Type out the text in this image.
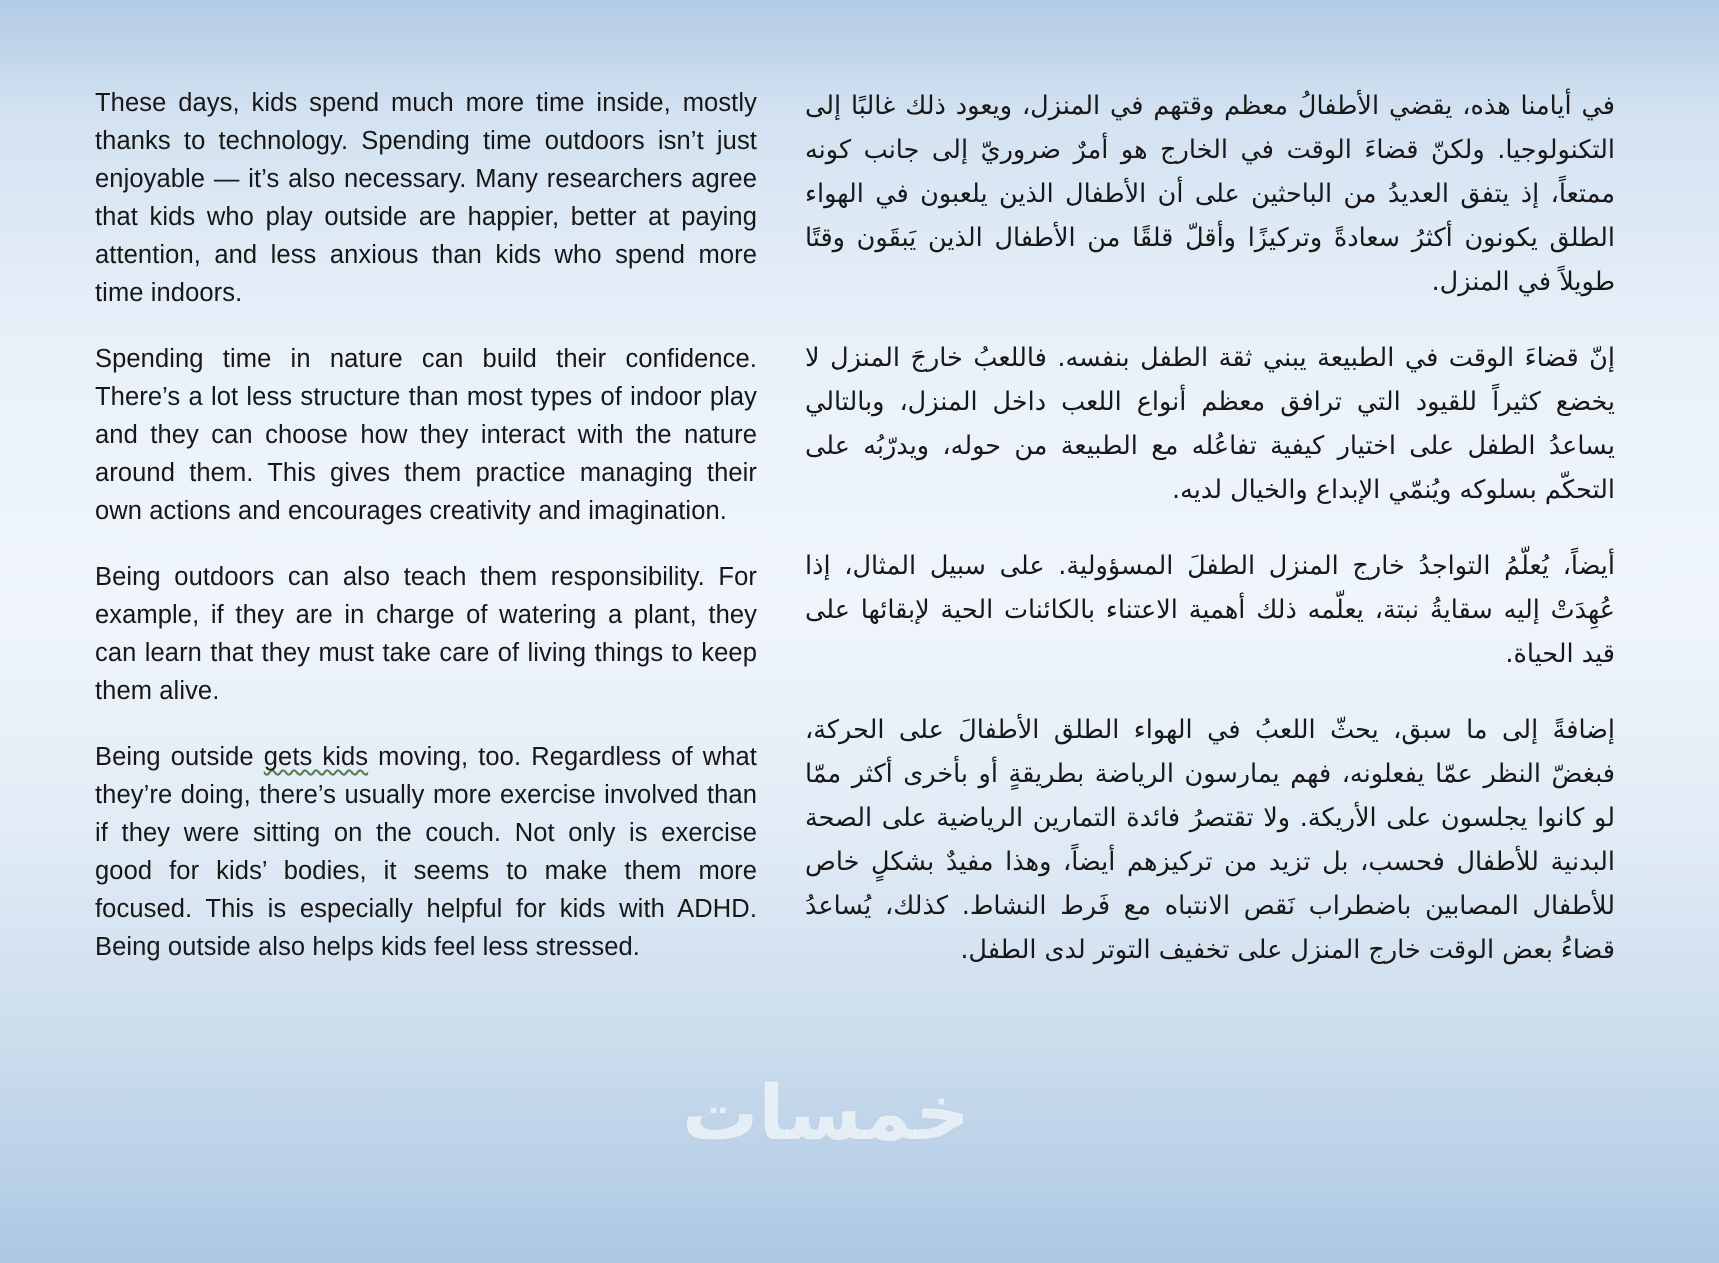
These days, kids spend much more time inside, mostly thanks to technology. Spending time outdoors isn’t just enjoyable — it’s also necessary. Many researchers agree that kids who play outside are happier, better at paying attention, and less anxious than kids who spend more time indoors.

Spending time in nature can build their confidence. There’s a lot less structure than most types of indoor play and they can choose how they interact with the nature around them. This gives them practice managing their own actions and encourages creativity and imagination.

Being outdoors can also teach them responsibility. For example, if they are in charge of watering a plant, they can learn that they must take care of living things to keep them alive.

Being outside gets kids moving, too. Regardless of what they’re doing, there’s usually more exercise involved than if they were sitting on the couch. Not only is exercise good for kids’ bodies, it seems to make them more focused. This is especially helpful for kids with ADHD. Being outside also helps kids feel less stressed.

في أيامنا هذه، يقضي الأطفالُ معظم وقتهم في المنزل، ويعود ذلك غالبًا إلى التكنولوجيا. ولكنّ قضاءَ الوقت في الخارج هو أمرٌ ضروريّ إلى جانب كونه ممتعاً، إذ يتفق العديدُ من الباحثين على أن الأطفال الذين يلعبون في الهواء الطلق يكونون أكثرُ سعادةً وتركيزًا وأقلّ قلقًا من الأطفال الذين يَبقَون وقتًا طويلاً في المنزل.

إنّ قضاءَ الوقت في الطبيعة يبني ثقة الطفل بنفسه. فاللعبُ خارجَ المنزل لا يخضع كثيراً للقيود التي ترافق معظم أنواع اللعب داخل المنزل، وبالتالي يساعدُ الطفل على اختيار كيفية تفاعُله مع الطبيعة من حوله، ويدرّبُه على التحكّم بسلوكه ويُنمّي الإبداع والخيال لديه.

أيضاً، يُعلّمُ التواجدُ خارج المنزل الطفلَ المسؤولية. على سبيل المثال، إذا عُهِدَتْ إليه سقايةُ نبتة، يعلّمه ذلك أهمية الاعتناء بالكائنات الحية لإبقائها على قيد الحياة.

إضافةً إلى ما سبق، يحثّ اللعبُ في الهواء الطلق الأطفالَ على الحركة، فبغضّ النظر عمّا يفعلونه، فهم يمارسون الرياضة بطريقةٍ أو بأخرى أكثر ممّا لو كانوا يجلسون على الأريكة. ولا تقتصرُ فائدة التمارين الرياضية على الصحة البدنية للأطفال فحسب، بل تزيد من تركيزهم أيضاً، وهذا مفيدٌ بشكلٍ خاص للأطفال المصابين باضطراب نَقص الانتباه مع فَرط النشاط. كذلك، يُساعدُ قضاءُ بعض الوقت خارج المنزل على تخفيف التوتر لدى الطفل.

خمسات
